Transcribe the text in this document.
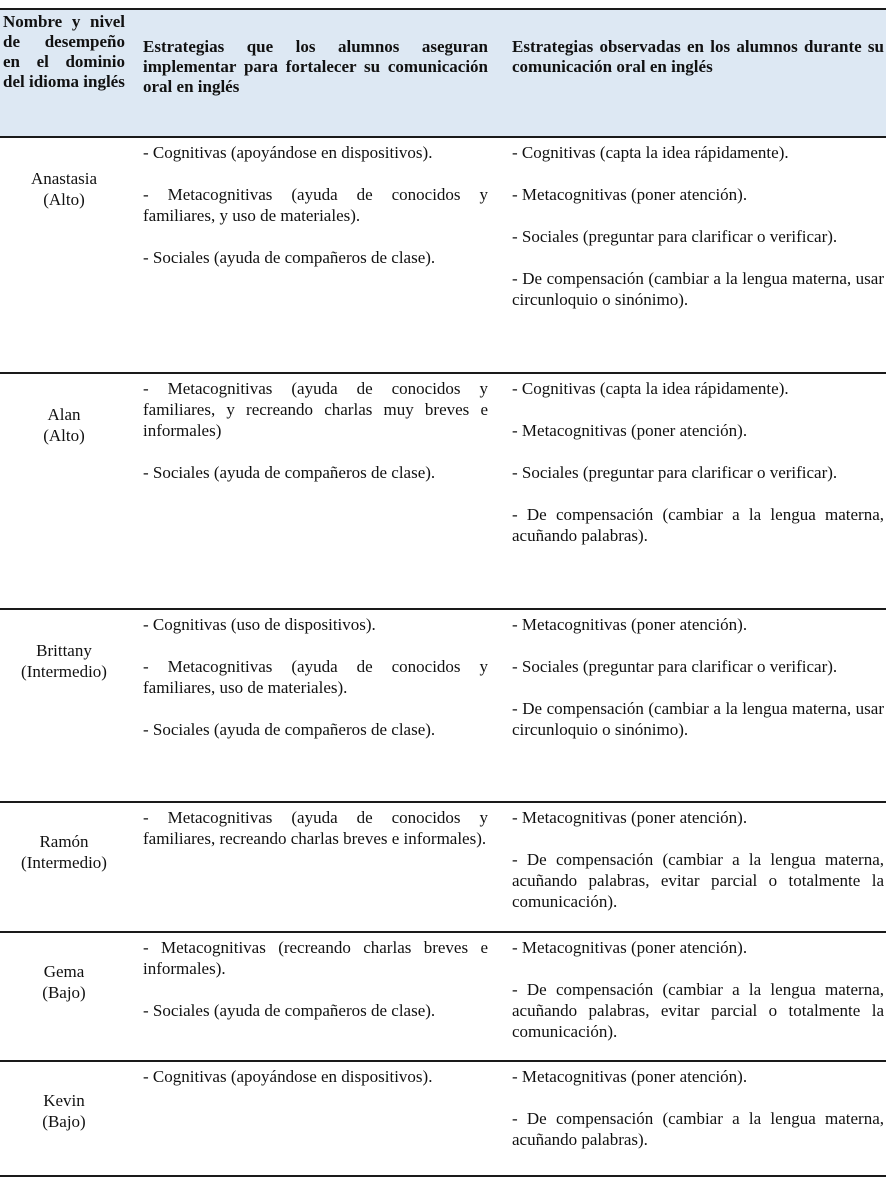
Nombre y nivel de desempeño en el dominio del idioma inglés
Estrategias que los alumnos aseguran implementar para fortalecer su comunicación oral en inglés
Estrategias observadas en los alumnos durante su comunicación oral en inglés
Anastasia
(Alto)
- Cognitivas (apoyándose en dispositivos).
- Metacognitivas (ayuda de conocidos y familiares, y uso de materiales).
- Sociales (ayuda de compañeros de clase).
- Cognitivas (capta la idea rápidamente).
- Metacognitivas (poner atención).
- Sociales (preguntar para clarificar o verificar).
- De compensación (cambiar a la lengua materna, usar circunloquio o sinónimo).
Alan
(Alto)
- Metacognitivas (ayuda de conocidos y familiares, y recreando charlas muy breves e informales)
- Sociales (ayuda de compañeros de clase).
- Cognitivas (capta la idea rápidamente).
- Metacognitivas (poner atención).
- Sociales (preguntar para clarificar o verificar).
- De compensación (cambiar a la lengua materna, acuñando palabras).
Brittany
(Intermedio)
- Cognitivas (uso de dispositivos).
- Metacognitivas (ayuda de conocidos y familiares, uso de materiales).
- Sociales (ayuda de compañeros de clase).
- Metacognitivas (poner atención).
- Sociales (preguntar para clarificar o verificar).
- De compensación (cambiar a la lengua materna, usar circunloquio o sinónimo).
Ramón
(Intermedio)
- Metacognitivas (ayuda de conocidos y familiares, recreando charlas breves e informales).
- Metacognitivas (poner atención).
- De compensación (cambiar a la lengua materna, acuñando palabras, evitar parcial o totalmente la comunicación).
Gema
(Bajo)
- Metacognitivas (recreando charlas breves e informales).
- Sociales (ayuda de compañeros de clase).
- Metacognitivas (poner atención).
- De compensación (cambiar a la lengua materna, acuñando palabras, evitar parcial o totalmente la comunicación).
Kevin
(Bajo)
- Cognitivas (apoyándose en dispositivos).	- Metacognitivas (poner atención).
- De compensación (cambiar a la lengua materna, acuñando palabras).
